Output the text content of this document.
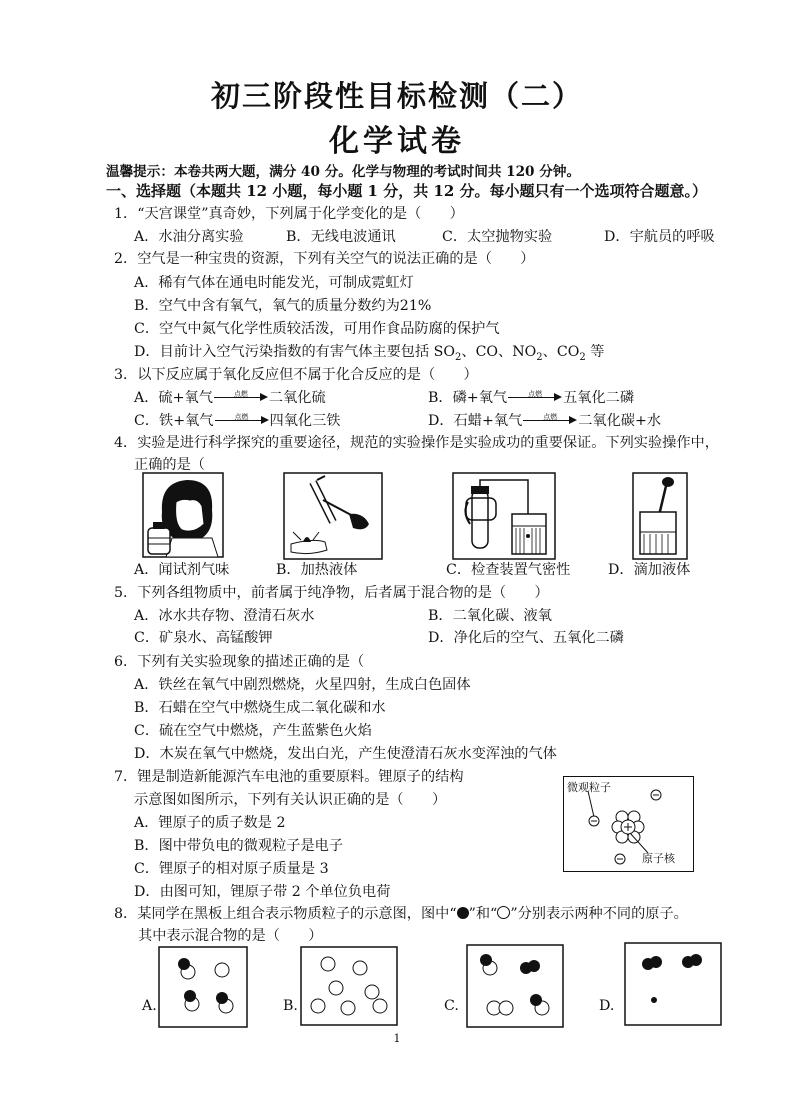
初三阶段性目标检测（二）
化学试卷
温馨提示：本卷共两大题，满分 40 分。化学与物理的考试时间共 120 分钟。
一、选择题（本题共 12 小题，每小题 1 分，共 12 分。每小题只有一个选项符合题意。）
1．“天宫课堂”真奇妙，下列属于化学变化的是（　　）
A．水油分离实验	B．无线电波通讯	C．太空抛物实验	D．宇航员的呼吸
2．空气是一种宝贵的资源，下列有关空气的说法正确的是（　　）
A．稀有气体在通电时能发光，可制成霓虹灯
B．空气中含有氧气，氧气的质量分数约为21%
C．空气中氮气化学性质较活泼，可用作食品防腐的保护气
D．目前计入空气污染指数的有害气体主要包括 $SO_2$、CO、$NO_2$、$CO_2$ 等
3．以下反应属于氧化反应但不属于化合反应的是（　　）
A．硫+氧气	点燃	二氧化硫	B．磷+氧气	点燃	五氧化二磷
C．铁+氧气	点燃	四氧化三铁	D．石蜡+氧气	点燃	二氧化碳+水
4．实验是进行科学探究的重要途径，规范的实验操作是实验成功的重要保证。下列实验操作中，
正确的是（
A．闻试剂气味	B．加热液体	C．检查装置气密性	D．滴加液体
5．下列各组物质中，前者属于纯净物，后者属于混合物的是（　　）
A．冰水共存物、澄清石灰水	B．二氧化碳、液氧
C．矿泉水、高锰酸钾	D．净化后的空气、五氧化二磷
6．下列有关实验现象的描述正确的是（
A．铁丝在氧气中剧烈燃烧，火星四射，生成白色固体
B．石蜡在空气中燃烧生成二氧化碳和水
C．硫在空气中燃烧，产生蓝紫色火焰
D．木炭在氧气中燃烧，发出白光，产生使澄清石灰水变浑浊的气体
7．锂是制造新能源汽车电池的重要原料。锂原子的结构
示意图如图所示，下列有关认识正确的是（　　）
A．锂原子的质子数是 2
B．图中带负电的微观粒子是电子
C．锂原子的相对原子质量是 3
D．由图可知，锂原子带 2 个单位负电荷
微观粒子
原子核
8．某同学在黑板上组合表示物质粒子的示意图，图中“ ”和“ ”分别表示两种不同的原子。
其中表示混合物的是（　　）
A.	B.	C.	D.
1
